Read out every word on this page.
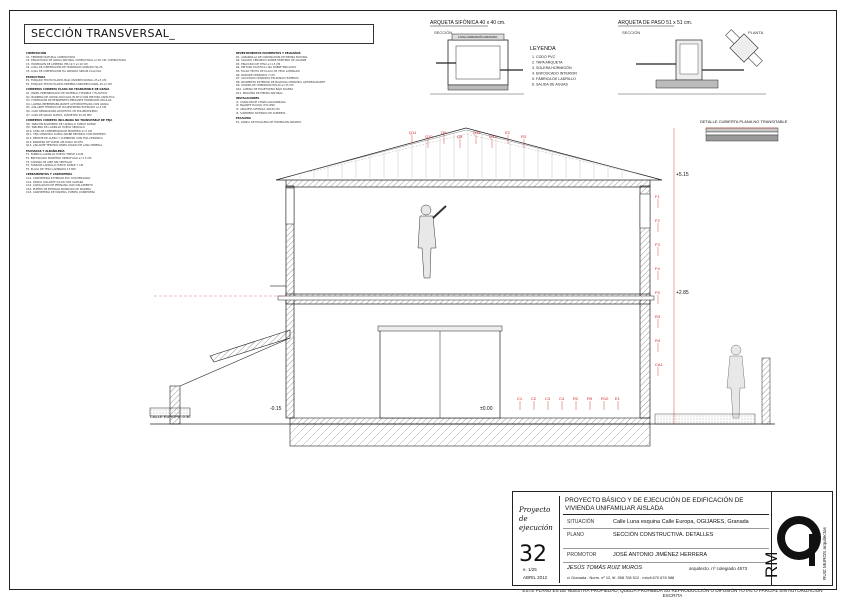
SECCIÓN TRANSVERSAL_
CIMENTACIÓN
C1. TERRENO NATURAL COMPACTADO
C2. ENCACHADO DE GRAVA NATURAL COMPACTADA e=20 CM. COMPACTADO
C3. HORMIGÓN DE LIMPIEZA HM-12.5 e=10 CM
C4. LOSA DE CIMENTACIÓN DE HORMIGÓN ARMADO HA-25
C5. LOSA DE CIMENTACIÓN HA ARMADO SEGÚN CÁLCULO
ESTRUCTURA
E1. FORJADO TECHO PLANTA BAJA UNIDIRECCIONAL 25+5 CM
E2. FORJADO TECHO PLANTA PRIMERA UNIDIRECCIONAL 25+5 CM
CUBIERTAS CUBIERTA PLANA NO TRANSITABLE DE GRAVA
Q1. PANEL PREFABRICADO DE MATERIAL FLEXIBLE Y ELÁSTICO
Q2. BARRERA DE VAPOR APLICADA IN SITU CON PINTURA ASFÁLTICA
Q3. FORMACIÓN DE PENDIENTES MEDIANTE HORMIGÓN CELULAR
Q4. LÁMINA IMPERMEABILIZANTE AUTOPROTEGIDA CON GRAVA
Q5. AISLANTE TÉRMICO DE POLIESTIRENO EXTRUIDO e=5 CM
Q6. CAPA SEPARADORA GEOTEXTIL DE POLIPROPILENO
Q7. CAPA DE GRAVA SUELTA, DIÁMETRO 20-40 MM
CUBIERTAS CUBIERTA INCLINADA NO TRANSITABLE DE TEJA
Q8. TABICÓN PALOMERO DE LADRILLO HUECO DOBLE
Q9. TABLERO DE LADRILLO HUECO SENCILLO
Q10. CAPA DE COMPRESIÓN DE MORTERO e=3 CM
Q11. TEJA CERÁMICA CURVA ÁRABE RECIBIDA CON MORTERO
Q12. REMATE DE ALERO Y CUMBRERA CON TEJA CERÁMICA
Q13. BARRERA DE VAPOR APLICADA IN SITU
Q14. AISLANTE TÉRMICO PANEL RÍGIDO DE LANA MINERAL
FACHADAS Y ALBAÑILERÍA
F1. FÁBRICA LADRILLO HUECO TRIPLE 11CM
F2. ENFOSCADO MORTERO HIDRÓFUGO e=1.5 CM
F3. CÁMARA DE AIRE SIN VENTILAR
F4. TABICÓN LADRILLO HUECO DOBLE 7 CM
F5. PLACA DE YESO LAMINADO 15 MM
CERRAMIENTOS Y CARPINTERÍA
CA1. CARPINTERÍA EXTERIOR PVC CON PERSIANA
CA2. VIDRIO AISLANTE 4/12/6 CON CÁMARA
CA3. CAPIALZADO DE PERSIANA CON AISLAMIENTO
CA4. PUERTA DE ENTRADA BLINDADA DE MADERA
CA5. CARPINTERÍA DE MADERA, PUERTA CORREDERA
REVESTIMIENTOS PAVIMENTOS Y PELDAÑOS
R1. ALBARDILLA DE CORONACIÓN DE PIEDRA NATURAL
R2. SOLADO CERÁMICO SOBRE MORTERO DE AGARRE
R3. ENLUCIDO DE YESO e=1.5 CM
R4. PINTURA PLÁSTICA LISA SOBRE ENLUCIDO
R5. FALSO TECHO DE PLACA DE YESO LAMINADO
R6. RODAPIÉ CERÁMICO 7 CM
R7. ALICATADO CERÁMICO EN ZONAS HÚMEDAS
R8. PAVIMENTO EXTERIOR DE BALDOSA CERÁMICA ANTIDESLIZANTE
R9. SOLERA DE HORMIGÓN HM-20 e=15 CM
R10. LÁMINA DE POLIETILENO BAJO SOLERA
R11. PELDAÑO DE PIEDRA NATURAL
INSTALACIONES
I1. CANALÓN DE CHAPA GALVANIZADA
I2. BAJANTE PLUVIAL PVC Ø90
I3. ARQUETA SIFÓNICA 40X40 CM
I4. SUMIDERO SIFÓNICO DE CUBIERTA
ESCALERA
E1. ZANCA DE ESCALERA DE HORMIGÓN ARMADO
ARQUETA SIFÓNICA 40 x 40 cm.
SECCIÓN
LOSA HORMIGÓN ARMADO
LEYENDA
1. CODO PVC
2. TAPA ARQUETA
3. SOLERA HORMIGÓN
4. ENFOSCADO INTERIOR
5. FÁBRICA DE LADRILLO
6. SALIDA DE AGUAS
ARQUETA DE PASO 51 x 51 cm.
SECCIÓN	PLANTA
DETALLE CUBIERTA PLANA NO TRANSITABLE
+5.15
+2.85
±0.00
-0.15
CALLE EUROPA -0.30
Q11
Q10
Q9
Q8
Q14
Q13
E2
R3
F1
F2
F3
F4
F5
R3
R4
CA1
C1 C2 C3 C4 R2 R9 R10 E1
Proyecto de ejecución
32
e. 1/25
ABRIL 2012
PROYECTO BÁSICO Y DE EJECUCIÓN DE EDIFICACIÓN DE VIVIENDA UNIFAMILIAR AISLADA
SITUACIÓN	Calle Luna esquina Calle Europa, OGIJARES, Granada
PLANO	SECCIÓN CONSTRUCTIVA. DETALLES
PROMOTOR	JOSÉ ANTONIO JIMÉNEZ HERRERA
JESÚS TOMÁS RUIZ MUROS	arquitecto. nº colegiado 4573
c/ Granada . Norm. nº 12, tlf. 958 708 512 . móvil 670 678 988	RM	RUIZ MUROS arquitectos
ESTE PLANO ES DE NUESTRA PROPIEDAD, QUEDA PROHIBIDA SU REPRODUCCIÓN O DIFUSIÓN TOTAL O PARCIAL SIN AUTORIZACIÓN ESCRITA
